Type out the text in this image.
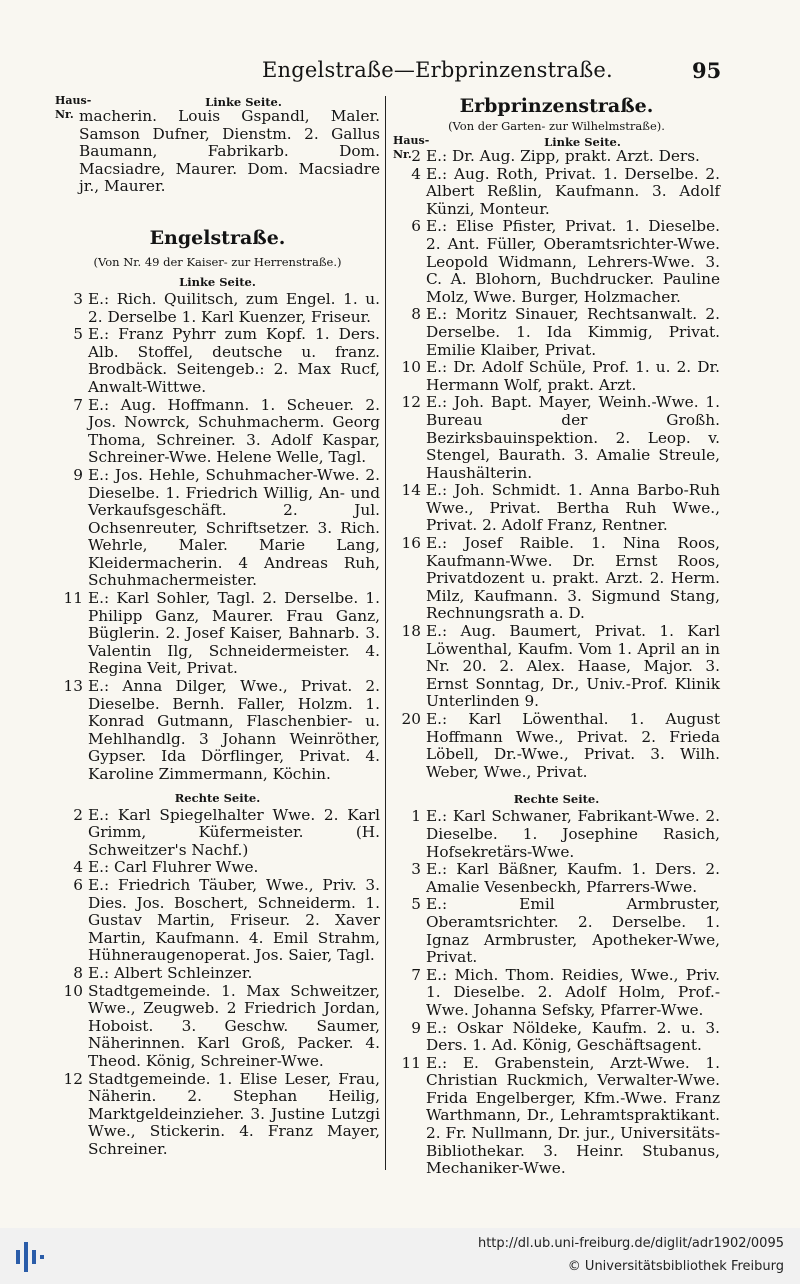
Engelstraße—Erbprinzenstraße.	95
Haus-Nr.
Linke Seite.
macherin. Louis Gspandl, Maler. Samson Dufner, Dienstm. 2. Gallus Baumann, Fabrikarb. Dom. Macsiadre, Maurer. Dom. Macsiadre jr., Maurer.
Engelstraße.
(Von Nr. 49 der Kaiser- zur Herrenstraße.)
Linke Seite.
3 E.: Rich. Quilitsch, zum Engel. 1. u. 2. Derselbe 1. Karl Kuenzer, Friseur.
5 E.: Franz Pyhrr zum Kopf. 1. Ders. Alb. Stoffel, deutsche u. franz. Brodbäck. Seitengeb.: 2. Max Rucf, Anwalt-Wittwe.
7 E.: Aug. Hoffmann. 1. Scheuer. 2. Jos. Nowrck, Schuhmacherm. Georg Thoma, Schreiner. 3. Adolf Kaspar, Schreiner-Wwe. Helene Welle, Tagl.
9 E.: Jos. Hehle, Schuhmacher-Wwe. 2. Dieselbe. 1. Friedrich Willig, An- und Verkaufsgeschäft. 2. Jul. Ochsenreuter, Schriftsetzer. 3. Rich. Wehrle, Maler. Marie Lang, Kleidermacherin. 4 Andreas Ruh, Schuhmachermeister.
11 E.: Karl Sohler, Tagl. 2. Derselbe. 1. Philipp Ganz, Maurer. Frau Ganz, Büglerin. 2. Josef Kaiser, Bahnarb. 3. Valentin Ilg, Schneidermeister. 4. Regina Veit, Privat.
13 E.: Anna Dilger, Wwe., Privat. 2. Dieselbe. Bernh. Faller, Holzm. 1. Konrad Gutmann, Flaschenbier- u. Mehlhandlg. 3 Johann Weinröther, Gypser. Ida Dörflinger, Privat. 4. Karoline Zimmermann, Köchin.
Rechte Seite.
2 E.: Karl Spiegelhalter Wwe. 2. Karl Grimm, Küfermeister. (H. Schweitzer's Nachf.)
4 E.: Carl Fluhrer Wwe.
6 E.: Friedrich Täuber, Wwe., Priv. 3. Dies. Jos. Boschert, Schneiderm. 1. Gustav Martin, Friseur. 2. Xaver Martin, Kaufmann. 4. Emil Strahm, Hühneraugenoperat. Jos. Saier, Tagl.
8 E.: Albert Schleinzer.
10 Stadtgemeinde. 1. Max Schweitzer, Wwe., Zeugweb. 2 Friedrich Jordan, Hoboist. 3. Geschw. Saumer, Näherinnen. Karl Groß, Packer. 4. Theod. König, Schreiner-Wwe.
12 Stadtgemeinde. 1. Elise Leser, Frau, Näherin. 2. Stephan Heilig, Marktgeldeinzieher. 3. Justine Lutzgi Wwe., Stickerin. 4. Franz Mayer, Schreiner.
Erbprinzenstraße.
(Von der Garten- zur Wilhelmstraße).
Haus-Nr.
Linke Seite.
2 E.: Dr. Aug. Zipp, prakt. Arzt. Ders.
4 E.: Aug. Roth, Privat. 1. Derselbe. 2. Albert Reßlin, Kaufmann. 3. Adolf Künzi, Monteur.
6 E.: Elise Pfister, Privat. 1. Dieselbe. 2. Ant. Füller, Oberamtsrichter-Wwe. Leopold Widmann, Lehrers-Wwe. 3. C. A. Blohorn, Buchdrucker. Pauline Molz, Wwe. Burger, Holzmacher.
8 E.: Moritz Sinauer, Rechtsanwalt. 2. Derselbe. 1. Ida Kimmig, Privat. Emilie Klaiber, Privat.
10 E.: Dr. Adolf Schüle, Prof. 1. u. 2. Dr. Hermann Wolf, prakt. Arzt.
12 E.: Joh. Bapt. Mayer, Weinh.-Wwe. 1. Bureau der Großh. Bezirksbauinspektion. 2. Leop. v. Stengel, Baurath. 3. Amalie Streule, Haushälterin.
14 E.: Joh. Schmidt. 1. Anna Barbo-Ruh Wwe., Privat. Bertha Ruh Wwe., Privat. 2. Adolf Franz, Rentner.
16 E.: Josef Raible. 1. Nina Roos, Kaufmann-Wwe. Dr. Ernst Roos, Privatdozent u. prakt. Arzt. 2. Herm. Milz, Kaufmann. 3. Sigmund Stang, Rechnungsrath a. D.
18 E.: Aug. Baumert, Privat. 1. Karl Löwenthal, Kaufm. Vom 1. April an in Nr. 20. 2. Alex. Haase, Major. 3. Ernst Sonntag, Dr., Univ.-Prof. Klinik Unterlinden 9.
20 E.: Karl Löwenthal. 1. August Hoffmann Wwe., Privat. 2. Frieda Löbell, Dr.-Wwe., Privat. 3. Wilh. Weber, Wwe., Privat.
Rechte Seite.
1 E.: Karl Schwaner, Fabrikant-Wwe. 2. Dieselbe. 1. Josephine Rasich, Hofsekretärs-Wwe.
3 E.: Karl Bäßner, Kaufm. 1. Ders. 2. Amalie Vesenbeckh, Pfarrers-Wwe.
5 E.: Emil Armbruster, Oberamtsrichter. 2. Derselbe. 1. Ignaz Armbruster, Apotheker-Wwe, Privat.
7 E.: Mich. Thom. Reidies, Wwe., Priv. 1. Dieselbe. 2. Adolf Holm, Prof.-Wwe. Johanna Sefsky, Pfarrer-Wwe.
9 E.: Oskar Nöldeke, Kaufm. 2. u. 3. Ders. 1. Ad. König, Geschäftsagent.
11 E.: E. Grabenstein, Arzt-Wwe. 1. Christian Ruckmich, Verwalter-Wwe. Frida Engelberger, Kfm.-Wwe. Franz Warthmann, Dr., Lehramtspraktikant. 2. Fr. Nullmann, Dr. jur., Universitäts-Bibliothekar. 3. Heinr. Stubanus, Mechaniker-Wwe.
http://dl.ub.uni-freiburg.de/diglit/adr1902/0095
© Universitätsbibliothek Freiburg
